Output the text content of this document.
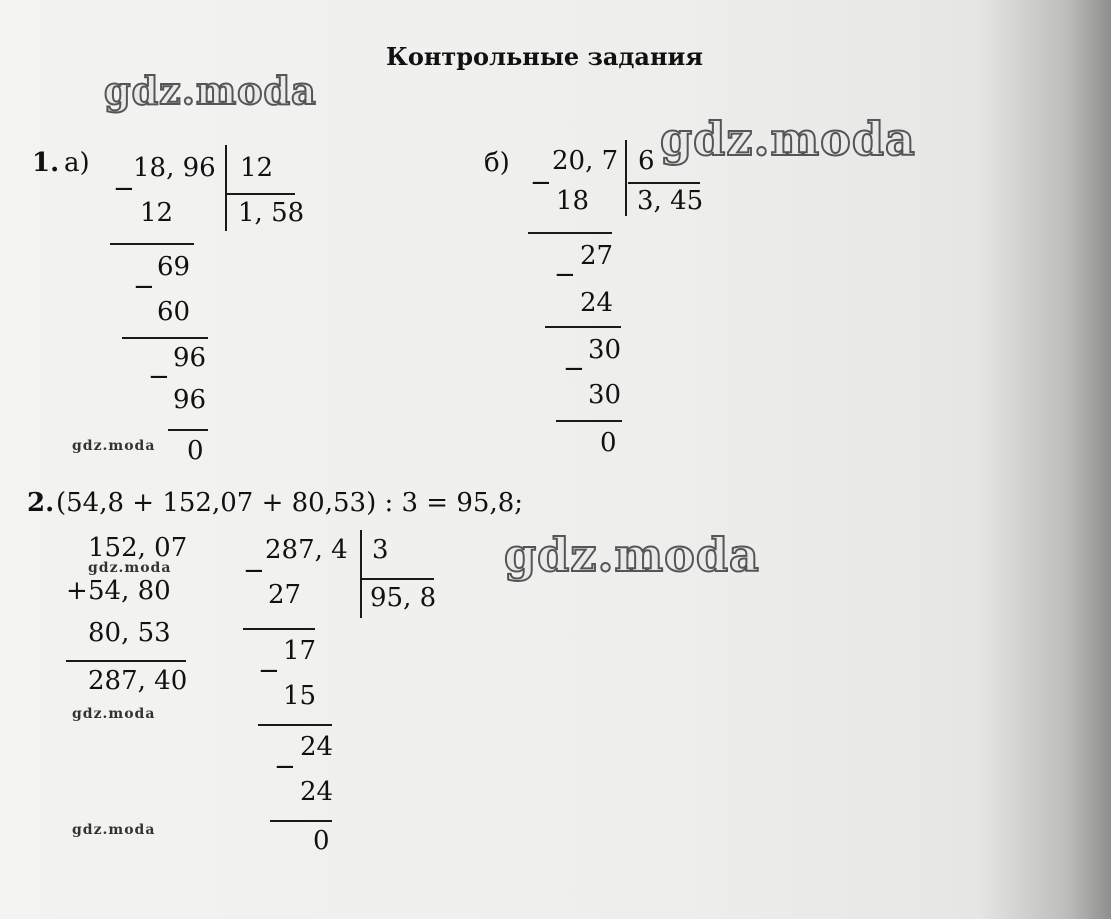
Контрольные задания
gdz.moda
gdz.moda
gdz.moda
gdz.moda
gdz.moda
gdz.moda
gdz.moda
1. а)
−
18, 96 12
1, 58
12
69
−
60
96
−
96
0
б)
−
20, 7 6
3, 45
18
27
−
24
30
−
30
0
2. (54,8 + 152,07 + 80,53) : 3 = 95,8;
152, 07
+ 54, 80
80, 53
287, 40
−
287, 4 3
95, 8
27
17
−
15
24
−
24
0
